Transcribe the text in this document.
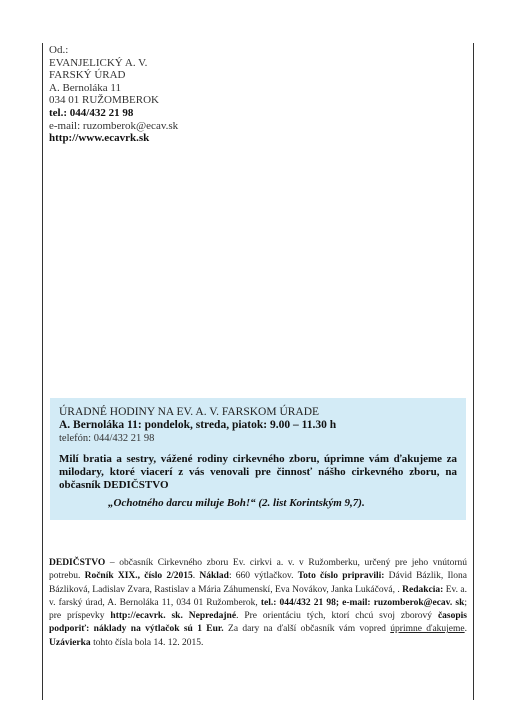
Od.:
EVANJELICKÝ A. V.
FARSKÝ ÚRAD
A. Bernoláka 11
034 01 RUŽOMBEROK
tel.: 044/432 21 98
e-mail: ruzomberok@ecav.sk
http://www.ecavrk.sk
ÚRADNÉ HODINY NA EV. A. V. FARSKOM ÚRADE
A. Bernoláka 11: pondelok, streda, piatok: 9.00 – 11.30 h
telefón: 044/432 21 98
Milí bratia a sestry, vážené rodiny cirkevného zboru, úprimne vám ďakujeme za milodary, ktoré viacerí z vás venovali pre činnosť nášho cirkevného zboru, na občasník DEDIČSTVO
„Ochotného darcu miluje Boh!“ (2. list Korintským 9,7).
DEDIČSTVO – občasník Cirkevného zboru Ev. cirkvi a. v. v Ružomberku, určený pre jeho vnútornú potrebu. Ročník XIX., číslo 2/2015. Náklad: 660 výtlačkov. Toto číslo pripravili: Dávid Bázlik, Ilona Bázliková, Ladislav Zvara, Rastislav a Mária Záhumenskí, Eva Novákov, Janka Lukáčová, . Redakcia: Ev. a. v. farský úrad, A. Bernoláka 11, 034 01 Ružomberok, tel.: 044/432 21 98; e-mail: ruzomberok@ecav. sk; pre príspevky http://ecavrk. sk. Nepredajné. Pre orientáciu tých, ktorí chcú svoj zborový časopis podporiť: náklady na výtlačok sú 1 Eur. Za dary na ďalší občasník vám vopred úprimne ďakujeme. Uzávierka tohto čísla bola 14. 12. 2015.
